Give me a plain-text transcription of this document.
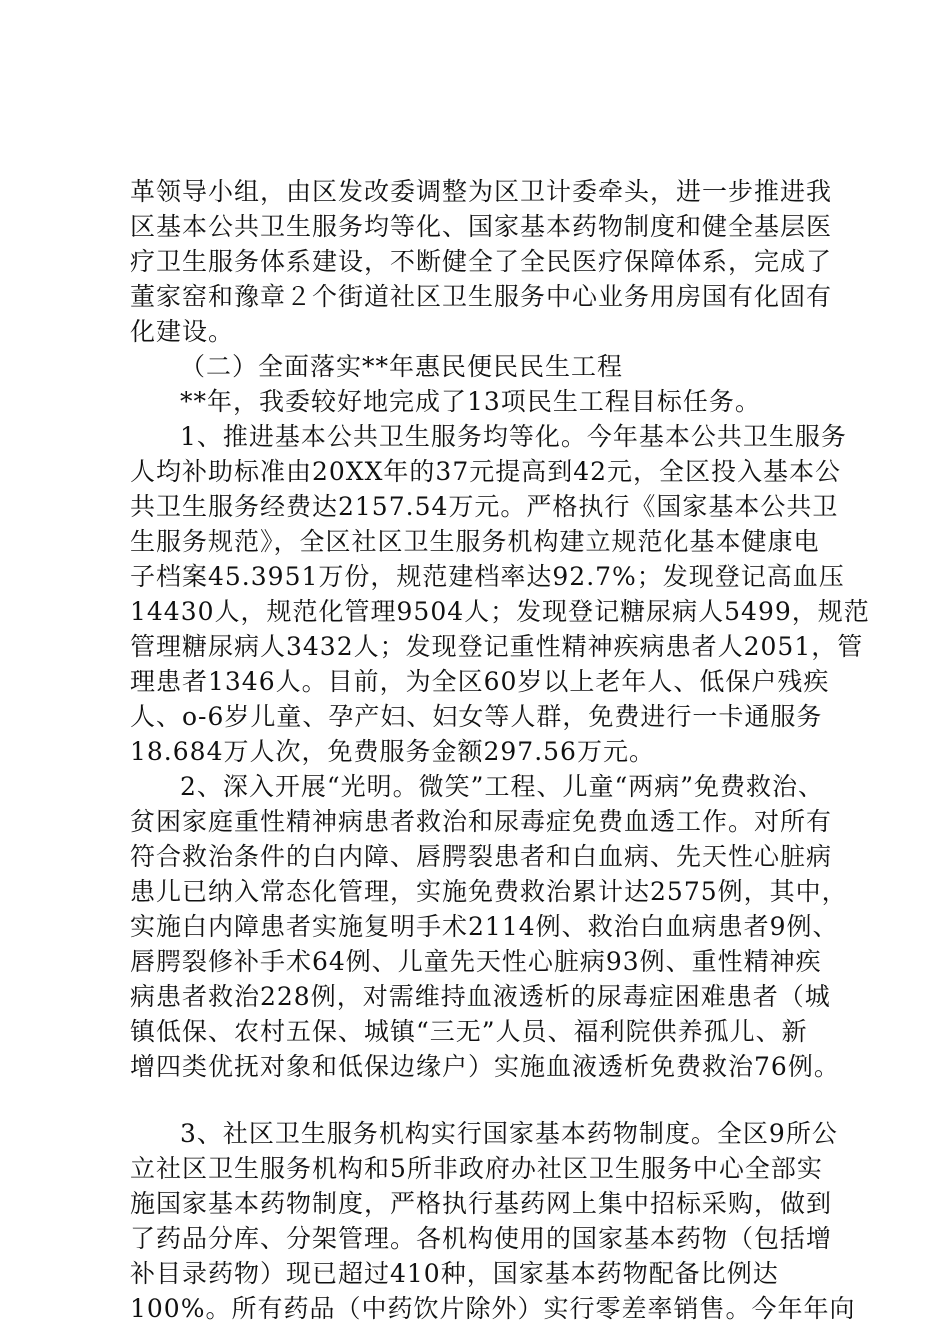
革领导小组，由区发改委调整为区卫计委牵头，进一步推进我
区基本公共卫生服务均等化、国家基本药物制度和健全基层医
疗卫生服务体系建设，不断健全了全民医疗保障体系，完成了
董家窑和豫章２个街道社区卫生服务中心业务用房国有化固有
化建设。
（二）全面落实**年惠民便民民生工程
**年，我委较好地完成了13项民生工程目标任务。
1、推进基本公共卫生服务均等化。今年基本公共卫生服务
人均补助标准由20XX年的37元提高到42元，全区投入基本公
共卫生服务经费达2157.54万元。严格执行《国家基本公共卫
生服务规范》，全区社区卫生服务机构建立规范化基本健康电
子档案45.3951万份，规范建档率达92.7%；发现登记高血压
14430人，规范化管理9504人；发现登记糖尿病人5499，规范
管理糖尿病人3432人；发现登记重性精神疾病患者人2051，管
理患者1346人。目前，为全区60岁以上老年人、低保户残疾
人、o-6岁儿童、孕产妇、妇女等人群，免费进行一卡通服务
18.684万人次，免费服务金额297.56万元。
2、深入开展“光明。微笑”工程、儿童“两病”免费救治、
贫困家庭重性精神病患者救治和尿毒症免费血透工作。对所有
符合救治条件的白内障、唇腭裂患者和白血病、先天性心脏病
患儿已纳入常态化管理，实施免费救治累计达2575例，其中，
实施白内障患者实施复明手术2114例、救治白血病患者9例、
唇腭裂修补手术64例、儿童先天性心脏病93例、重性精神疾
病患者救治228例，对需维持血液透析的尿毒症困难患者（城
镇低保、农村五保、城镇“三无”人员、福利院供养孤儿、新
增四类优抚对象和低保边缘户）实施血液透析免费救治76例。
3、社区卫生服务机构实行国家基本药物制度。全区9所公
立社区卫生服务机构和5所非政府办社区卫生服务中心全部实
施国家基本药物制度，严格执行基药网上集中招标采购，做到
了药品分库、分架管理。各机构使用的国家基本药物（包括增
补目录药物）现已超过410种，国家基本药物配备比例达
100%。所有药品（中药饮片除外）实行零差率销售。今年年向
